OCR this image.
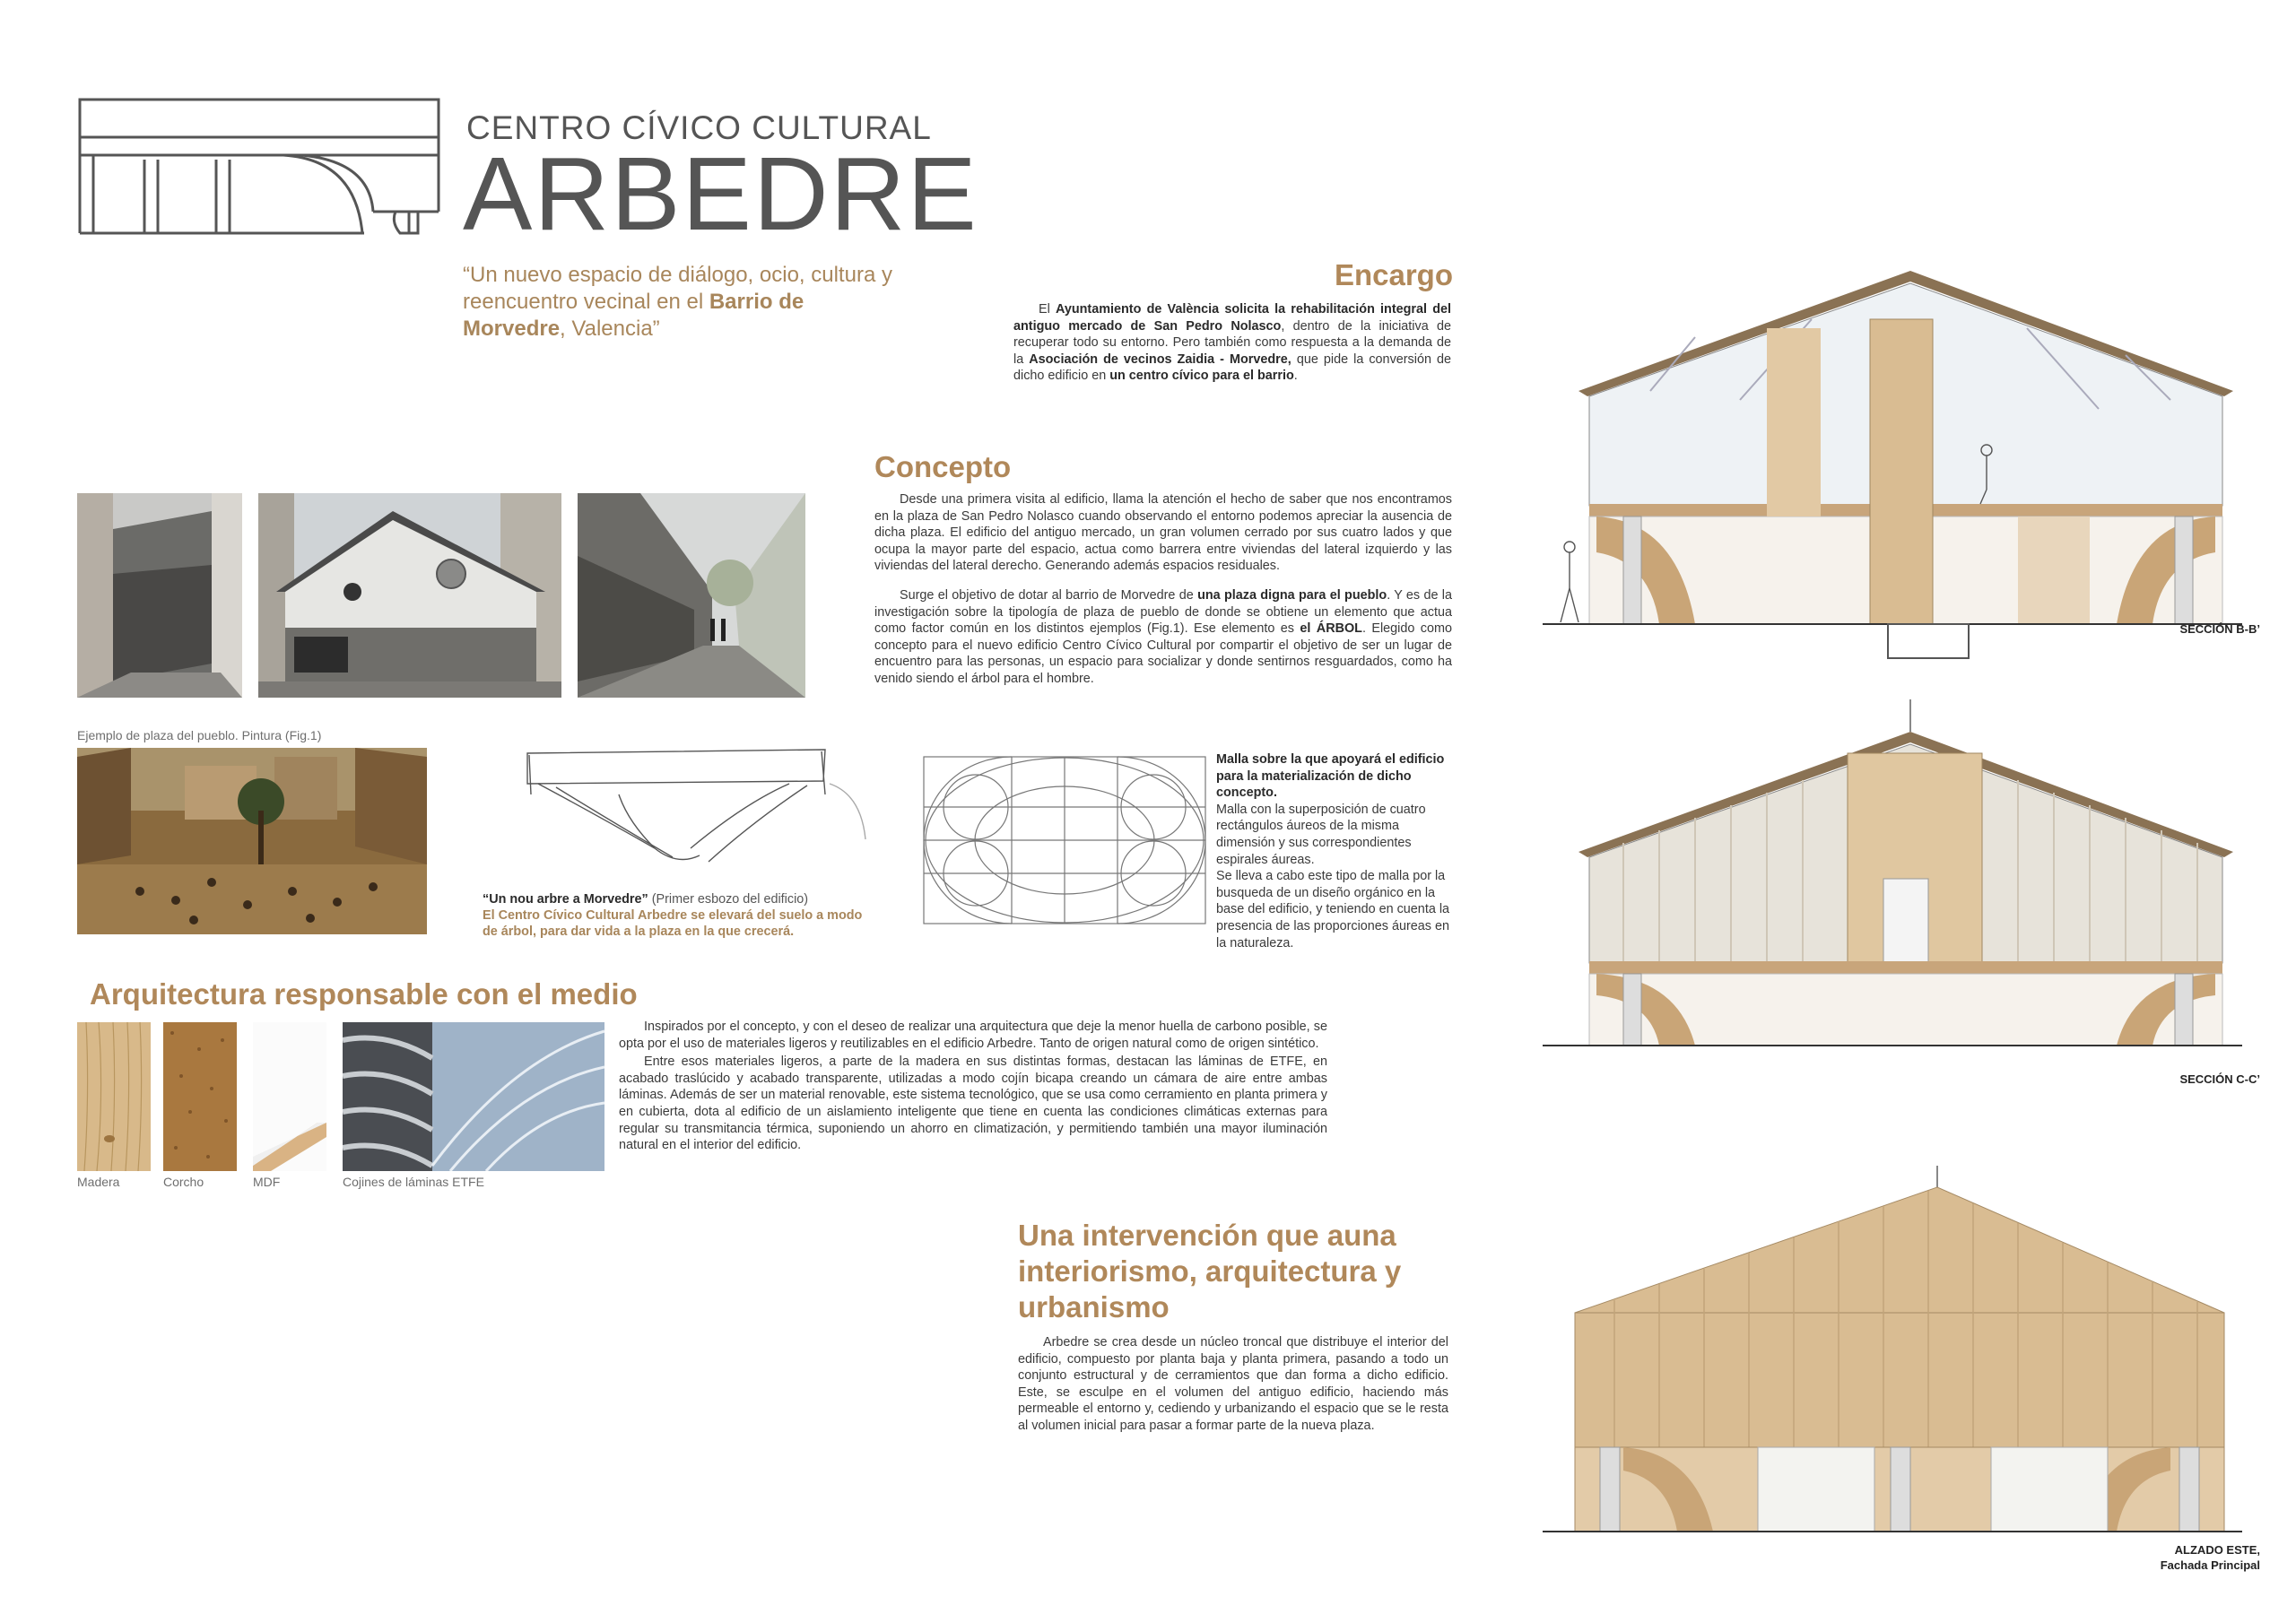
CENTRO CÍVICO CULTURAL
ARBEDRE
“Un nuevo espacio de diálogo, ocio, cultura y reencuentro vecinal en el Barrio de Morvedre, Valencia”
Encargo

El Ayuntamiento de València solicita la rehabilitación integral del antiguo mercado de San Pedro Nolasco, dentro de la iniciativa de recuperar todo su entorno. Pero también como respuesta a la demanda de la Asociación de vecinos Zaidia - Morvedre, que pide la conversión de dicho edificio en un centro cívico para el barrio.

Concepto

Desde una primera visita al edificio, llama la atención el hecho de saber que nos encontramos en la plaza de San Pedro Nolasco cuando observando el entorno podemos apreciar la ausencia de dicha plaza. El edificio del antiguo mercado, un gran volumen cerrado por sus cuatro lados y que ocupa la mayor parte del espacio, actua como barrera entre viviendas del lateral izquierdo y las viviendas del lateral derecho. Generando además espacios residuales.

Surge el objetivo de dotar al barrio de Morvedre de una plaza digna para el pueblo. Y es de la investigación sobre la tipología de plaza de pueblo de donde se obtiene un elemento que actua como factor común en los distintos ejemplos (Fig.1). Ese elemento es el ÁRBOL. Elegido como concepto para el nuevo edificio Centro Cívico Cultural por compartir el objetivo de ser un lugar de encuentro para las personas, un espacio para socializar y donde sentirnos resguardados, como ha venido siendo el árbol para el hombre.

Ejemplo de plaza del pueblo. Pintura (Fig.1)
“Un nou arbre a Morvedre” (Primer esbozo del edificio)
El Centro Cívico Cultural Arbedre se elevará del suelo a modo de árbol, para dar vida a la plaza en la que crecerá.
Malla sobre la que apoyará el edificio para la materialización de dicho concepto.
Malla con la superposición de cuatro rectángulos áureos de la misma dimensión y sus correspondientes espirales áureas.
Se lleva a cabo este tipo de malla por la busqueda de un diseño orgánico en la base del edificio, y teniendo en cuenta la presencia de las proporciones áureas en la naturaleza.
Arquitectura responsable con el medio
Madera	Corcho	MDF	Cojines de láminas ETFE

Inspirados por el concepto, y con el deseo de realizar una arquitectura que deje la menor huella de carbono posible, se opta por el uso de materiales ligeros y reutilizables en el edificio Arbedre. Tanto de origen natural como de origen sintético.

Entre esos materiales ligeros, a parte de la madera en sus distintas formas, destacan las láminas de ETFE, en acabado traslúcido y acabado transparente, utilizadas a modo cojín bicapa creando un cámara de aire entre ambas láminas. Además de ser un material renovable, este sistema tecnológico, que se usa como cerramiento en planta primera y en cubierta, dota al edificio de un aislamiento inteligente que tiene en cuenta las condiciones climáticas externas para regular su transmitancia térmica, suponiendo un ahorro en climatización, y permitiendo también una mayor iluminación natural en el interior del edificio.

Una intervención que auna interiorismo, arquitectura y urbanismo

Arbedre se crea desde un núcleo troncal que distribuye el interior del edificio, compuesto por planta baja y planta primera, pasando a todo un conjunto estructural y de cerramientos que dan forma a dicho edificio. Este, se esculpe en el volumen del antiguo edificio, haciendo más permeable el entorno y, cediendo y urbanizando el espacio que se le resta al volumen inicial para pasar a formar parte de la nueva plaza.

SECCIÓN B-B’
SECCIÓN C-C’
ALZADO ESTE,
Fachada Principal
